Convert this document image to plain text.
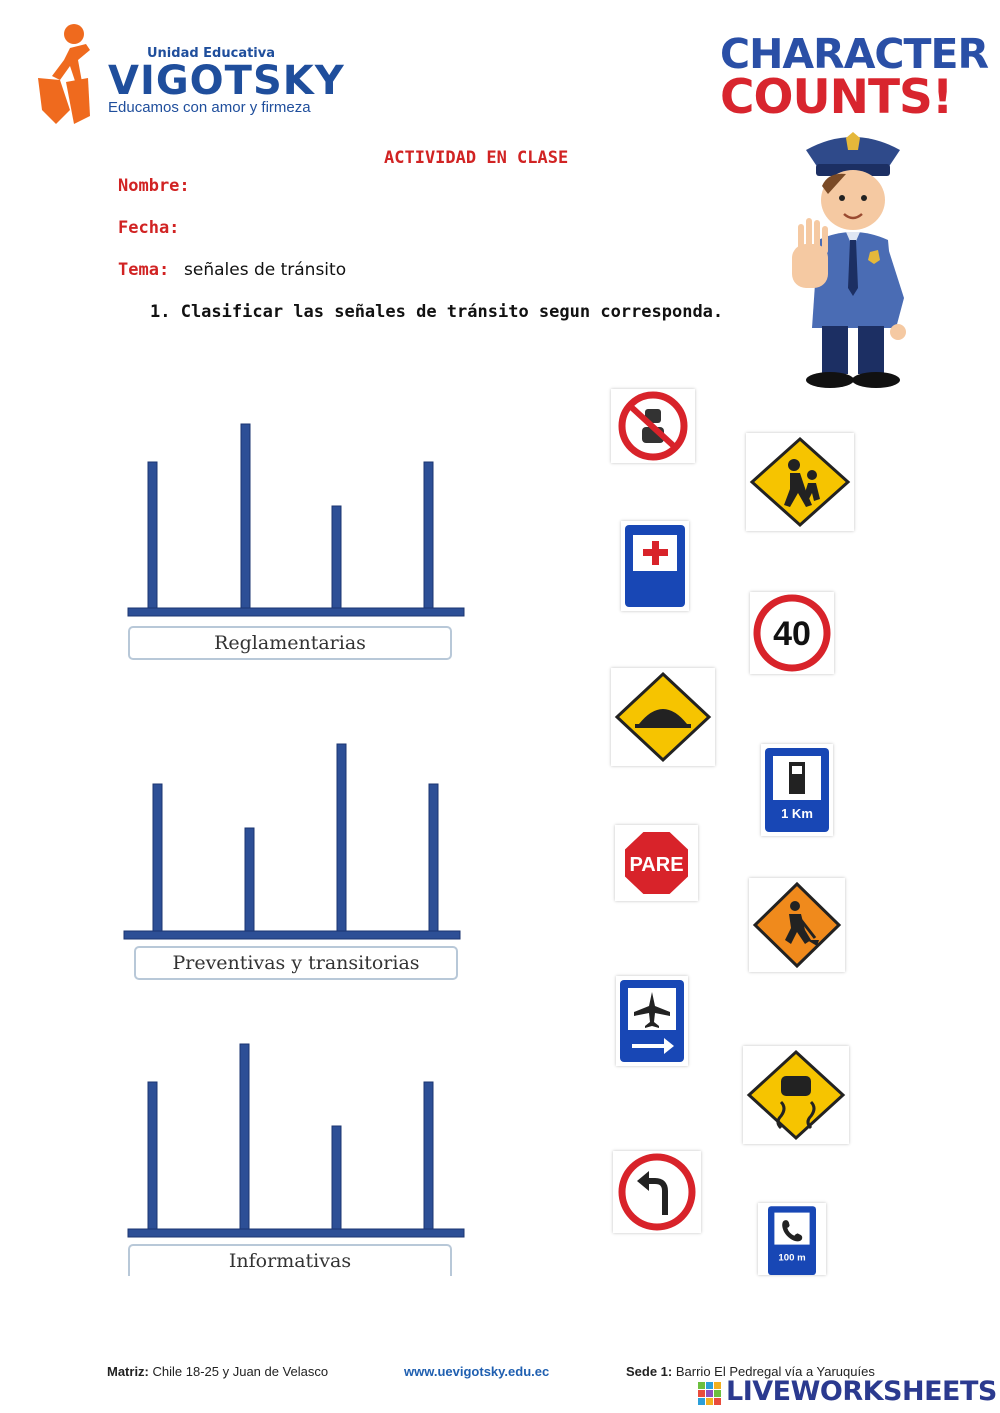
Unidad Educativa
VIGOTSKY
Educamos con amor y firmeza
CHARACTER
COUNTS!
ACTIVIDAD EN CLASE
Nombre:
Fecha:
Tema: señales de tránsito
1. Clasificar las señales de tránsito segun corresponda.
Reglamentarias
Preventivas y transitorias
Informativas
40
1 Km
PARE
100 m
Matriz: Chile 18-25 y Juan de Velasco	www.uevigotsky.edu.ec	Sede 1: Barrio El Pedregal vía a Yaruquíes
LIVEWORKSHEETS
